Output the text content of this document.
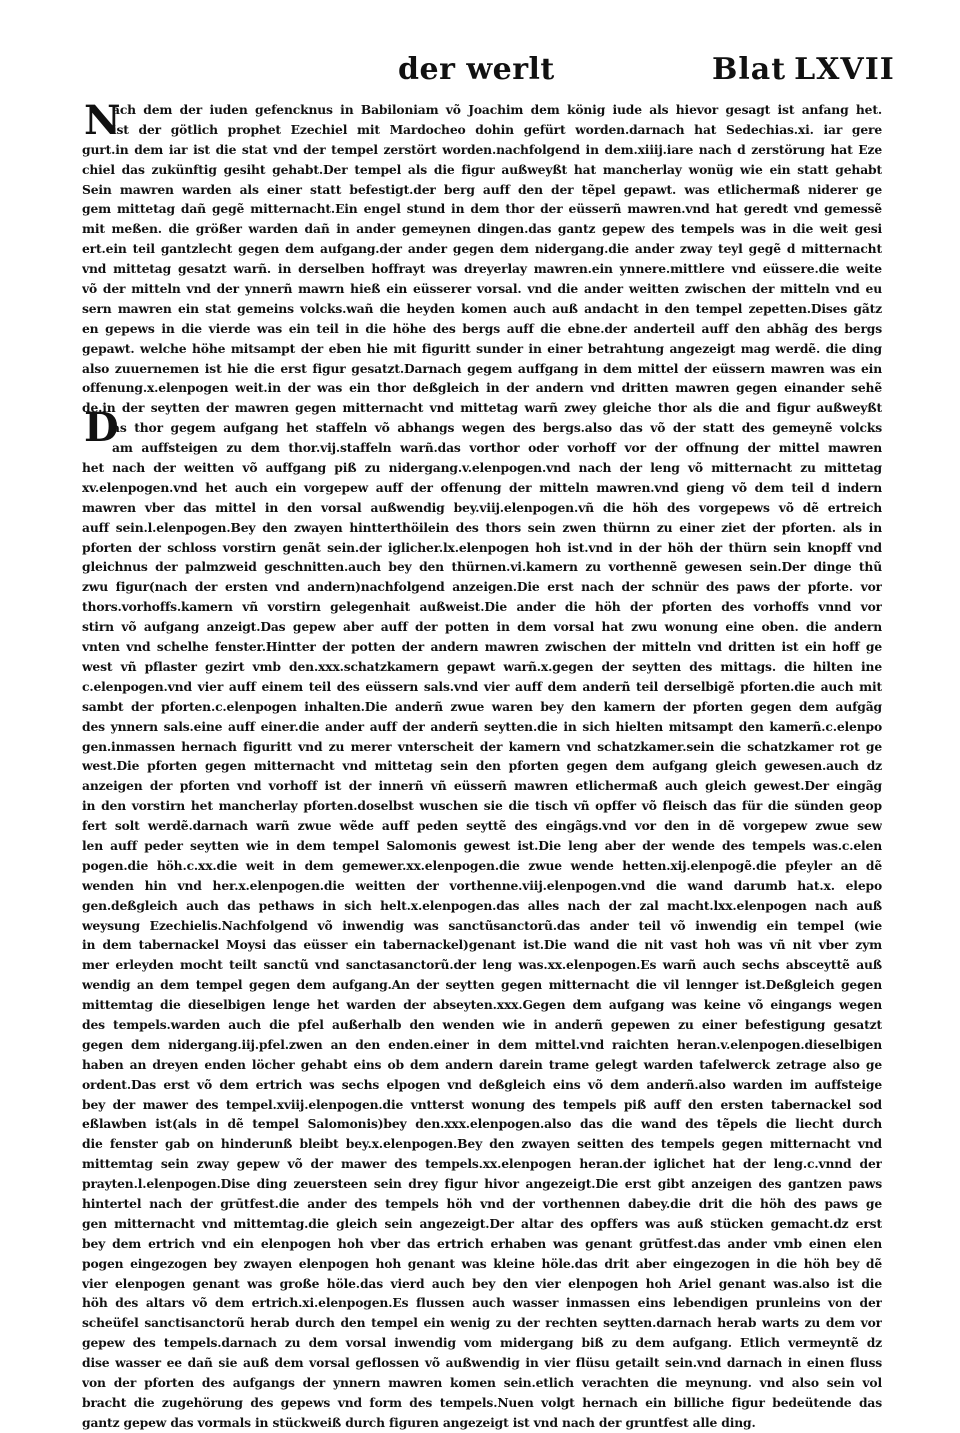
der werlt	Blat LXVII
N
D
ach dem der iuden gefencknus in Babiloniam võ Joachim dem könig iude als hievor gesagt ist anfang het.
ist der götlich prophet Ezechiel mit Mardocheo dohin gefürt worden.darnach hat Sedechias.xi. iar gere
gurt.in dem iar ist die stat vnd der tempel zerstört worden.nachfolgend in dem.xiiij.iare nach d zerstörung hat Eze
chiel das zukünftig gesiht gehabt.Der tempel als die figur außweyßt hat mancherlay wonüg wie ein statt gehabt
Sein mawren warden als einer statt befestigt.der berg auff den der tẽpel gepawt. was etlichermaß niderer ge
gem mittetag dañ gegẽ mitternacht.Ein engel stund in dem thor der eüsserñ mawren.vnd hat geredt vnd gemessẽ
mit meßen. die größer warden dañ in ander gemeynen dingen.das gantz gepew des tempels was in die weit gesi
ert.ein teil gantzlecht gegen dem aufgang.der ander gegen dem nidergang.die ander zway teyl gegẽ d mitternacht
vnd mittetag gesatzt warñ. in derselben hoffrayt was dreyerlay mawren.ein ynnere.mittlere vnd eüssere.die weite
võ der mitteln vnd der ynnerñ mawrn hieß ein eüsserer vorsal. vnd die ander weitten zwischen der mitteln vnd eu
sern mawren ein stat gemeins volcks.wañ die heyden komen auch auß andacht in den tempel zepetten.Dises gãtz
en gepews in die vierde was ein teil in die höhe des bergs auff die ebne.der anderteil auff den abhãg des bergs
gepawt. welche höhe mitsampt der eben hie mit figuritt sunder in einer betrahtung angezeigt mag werdẽ. die ding
also zuuernemen ist hie die erst figur gesatzt.Darnach gegem auffgang in dem mittel der eüssern mawren was ein
offenung.x.elenpogen weit.in der was ein thor deßgleich in der andern vnd dritten mawren gegen einander sehẽ
de.in der seytten der mawren gegen mitternacht vnd mittetag warñ zwey gleiche thor als die and figur außweyßt
as thor gegem aufgang het staffeln võ abhangs wegen des bergs.also das võ der statt des gemeynẽ volcks
am auffsteigen zu dem thor.vij.staffeln warñ.das vorthor oder vorhoff vor der offnung der mittel mawren
het nach der weitten võ auffgang piß zu nidergang.v.elenpogen.vnd nach der leng võ mitternacht zu mittetag
xv.elenpogen.vnd het auch ein vorgepew auff der offenung der mitteln mawren.vnd gieng võ dem teil d indern
mawren vber das mittel in den vorsal außwendig bey.viij.elenpogen.vñ die höh des vorgepews võ dẽ ertreich
auff sein.l.elenpogen.Bey den zwayen hintterthöilein des thors sein zwen thürnn zu einer ziet der pforten. als in
pforten der schloss vorstirn genãt sein.der iglicher.lx.elenpogen hoh ist.vnd in der höh der thürn sein knopff vnd
gleichnus der palmzweid geschnitten.auch bey den thürnen.vi.kamern zu vorthennẽ gewesen sein.Der dinge thũ
zwu figur(nach der ersten vnd andern)nachfolgend anzeigen.Die erst nach der schnür des paws der pforte. vor
thors.vorhoffs.kamern vñ vorstirn gelegenhait außweist.Die ander die höh der pforten des vorhoffs vnnd vor
stirn võ aufgang anzeigt.Das gepew aber auff der potten in dem vorsal hat zwu wonung eine oben. die andern
vnten vnd schelhe fenster.Hintter der potten der andern mawren zwischen der mitteln vnd dritten ist ein hoff ge
west vñ pflaster gezirt vmb den.xxx.schatzkamern gepawt warñ.x.gegen der seytten des mittags. die hilten ine
c.elenpogen.vnd vier auff einem teil des eüssern sals.vnd vier auff dem anderñ teil derselbigẽ pforten.die auch mit
sambt der pforten.c.elenpogen inhalten.Die anderñ zwue waren bey den kamern der pforten gegen dem aufgãg
des ynnern sals.eine auff einer.die ander auff der anderñ seytten.die in sich hielten mitsampt den kamerñ.c.elenpo
gen.inmassen hernach figuritt vnd zu merer vnterscheit der kamern vnd schatzkamer.sein die schatzkamer rot ge
west.Die pforten gegen mitternacht vnd mittetag sein den pforten gegen dem aufgang gleich gewesen.auch dz
anzeigen der pforten vnd vorhoff ist der innerñ vñ eüsserñ mawren etlichermaß auch gleich gewest.Der eingãg
in den vorstirn het mancherlay pforten.doselbst wuschen sie die tisch vñ opffer võ fleisch das für die sünden geop
fert solt werdẽ.darnach warñ zwue wẽde auff peden seyttẽ des eingãgs.vnd vor den in dẽ vorgepew zwue sew
len auff peder seytten wie in dem tempel Salomonis gewest ist.Die leng aber der wende des tempels was.c.elen
pogen.die höh.c.xx.die weit in dem gemewer.xx.elenpogen.die zwue wende hetten.xij.elenpogẽ.die pfeyler an dẽ
wenden hin vnd her.x.elenpogen.die weitten der vorthenne.viij.elenpogen.vnd die wand darumb hat.x. elepo
gen.deßgleich auch das pethaws in sich helt.x.elenpogen.das alles nach der zal macht.lxx.elenpogen nach auß
weysung Ezechielis.Nachfolgend võ inwendig was sanctũsanctorũ.das ander teil võ inwendig ein tempel (wie
in dem tabernackel Moysi das eüsser ein tabernackel)genant ist.Die wand die nit vast hoh was vñ nit vber zym
mer erleyden mocht teilt sanctũ vnd sanctasanctorũ.der leng was.xx.elenpogen.Es warñ auch sechs absceyttẽ auß
wendig an dem tempel gegen dem aufgang.An der seytten gegen mitternacht die vil lennger ist.Deßgleich gegen
mittemtag die dieselbigen lenge het warden der abseyten.xxx.Gegen dem aufgang was keine võ eingangs wegen
des tempels.warden auch die pfel außerhalb den wenden wie in anderñ gepewen zu einer befestigung gesatzt
gegen dem nidergang.iij.pfel.zwen an den enden.einer in dem mittel.vnd raichten heran.v.elenpogen.dieselbigen
haben an dreyen enden löcher gehabt eins ob dem andern darein trame gelegt warden tafelwerck zetrage also ge
ordent.Das erst võ dem ertrich was sechs elpogen vnd deßgleich eins võ dem anderñ.also warden im auffsteige
bey der mawer des tempel.xviij.elenpogen.die vntterst wonung des tempels piß auff den ersten tabernackel sod
eßlawben ist(als in dẽ tempel Salomonis)bey den.xxx.elenpogen.also das die wand des tẽpels die liecht durch
die fenster gab on hinderunß bleibt bey.x.elenpogen.Bey den zwayen seitten des tempels gegen mitternacht vnd
mittemtag sein zway gepew võ der mawer des tempels.xx.elenpogen heran.der iglichet hat der leng.c.vnnd der
prayten.l.elenpogen.Dise ding zeuersteen sein drey figur hivor angezeigt.Die erst gibt anzeigen des gantzen paws
hintertel nach der grūtfest.die ander des tempels höh vnd der vorthennen dabey.die drit die höh des paws ge
gen mitternacht vnd mittemtag.die gleich sein angezeigt.Der altar des opffers was auß stücken gemacht.dz erst
bey dem ertrich vnd ein elenpogen hoh vber das ertrich erhaben was genant grūtfest.das ander vmb einen elen
pogen eingezogen bey zwayen elenpogen hoh genant was kleine höle.das drit aber eingezogen in die höh bey dẽ
vier elenpogen genant was große höle.das vierd auch bey den vier elenpogen hoh Ariel genant was.also ist die
höh des altars võ dem ertrich.xi.elenpogen.Es flussen auch wasser inmassen eins lebendigen prunleins von der
scheüfel sanctisanctorũ herab durch den tempel ein wenig zu der rechten seytten.darnach herab warts zu dem vor
gepew des tempels.darnach zu dem vorsal inwendig vom midergang biß zu dem aufgang. Etlich vermeyntẽ dz
dise wasser ee dañ sie auß dem vorsal geflossen võ außwendig in vier flüsu getailt sein.vnd darnach in einen fluss
von der pforten des aufgangs der ynnern mawren komen sein.etlich verachten die meynung. vnd also sein vol
bracht die zugehörung des gepews vnd form des tempels.Nuen volgt hernach ein billiche figur bedeütende das
gantz gepew das vormals in stückweiß durch figuren angezeigt ist vnd nach der gruntfest alle ding.
